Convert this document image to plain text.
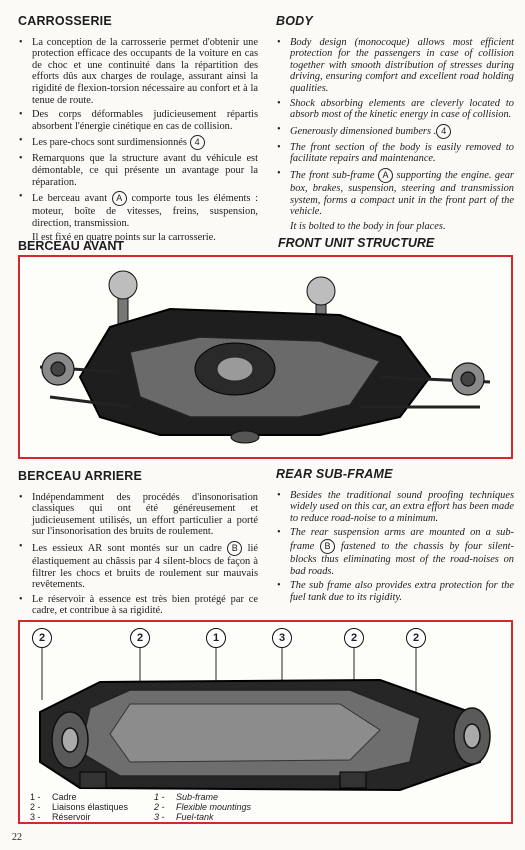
CARROSSERIE
• La conception de la carrosserie permet d'obtenir une protection efficace des occupants de la voiture en cas de choc et une continuité dans la répartition des efforts dûs aux charges de roulage, assurant ainsi la rigidité de flexion-torsion nécessaire au confort et à la tenue de route.
• Des corps déformables judicieusement répartis absorbent l'énergie cinétique en cas de collision.
• Les pare-chocs sont surdimensionnés 4
• Remarquons que la structure avant du véhicule est démontable, ce qui présente un avantage pour la réparation.
• Le berceau avant A comporte tous les éléments : moteur, boîte de vitesses, freins, suspension, direction, transmission.
Il est fixé en quatre points sur la carrosserie.
BODY
• Body design (monocoque) allows most efficient protection for the passengers in case of collision together with smooth distribution of stresses during driving, ensuring comfort and excellent road holding qualities.
• Shock absorbing elements are cleverly located to absorb most of the kinetic energy in case of collision.
• Generously dimensioned bumbers . 4
• The front section of the body is easily removed to facilitate repairs and maintenance.
• The front sub-frame A supporting the engine. gear box, brakes, suspension, steering and transmission system, forms a compact unit in the front part of the vehicle.
It is bolted to the body in four places.
BERCEAU AVANT	FRONT UNIT STRUCTURE
BERCEAU ARRIERE
• Indépendamment des procédés d'insonorisation classiques qui ont été généreusement et judicieusement utilisés, un effort particulier a porté sur l'insonorisation des bruits de roulement.
• Les essieux AR sont montés sur un cadre B lié élastiquement au châssis par 4 silent-blocs de façon à filtrer les chocs et bruits de roulement sur mauvais revêtements.
• Le réservoir à essence est très bien protégé par ce cadre, et contribue à sa rigidité.
REAR SUB-FRAME
• Besides the traditional sound proofing techniques widely used on this car, an extra effort has been made to reduce road-noise to a minimum.
• The rear suspension arms are mounted on a sub-frame B fastened to the chassis by four silent-blocks thus eliminating most of the road-noises on bad roads.
• The sub frame also provides extra protection for the fuel tank due to its rigidity.
2	2	1	3	2	2
1 - Cadre
2 - Liaisons élastiques
3 - Réservoir
1 - Sub-frame
2 - Flexible mountings
3 - Fuel-tank
22
